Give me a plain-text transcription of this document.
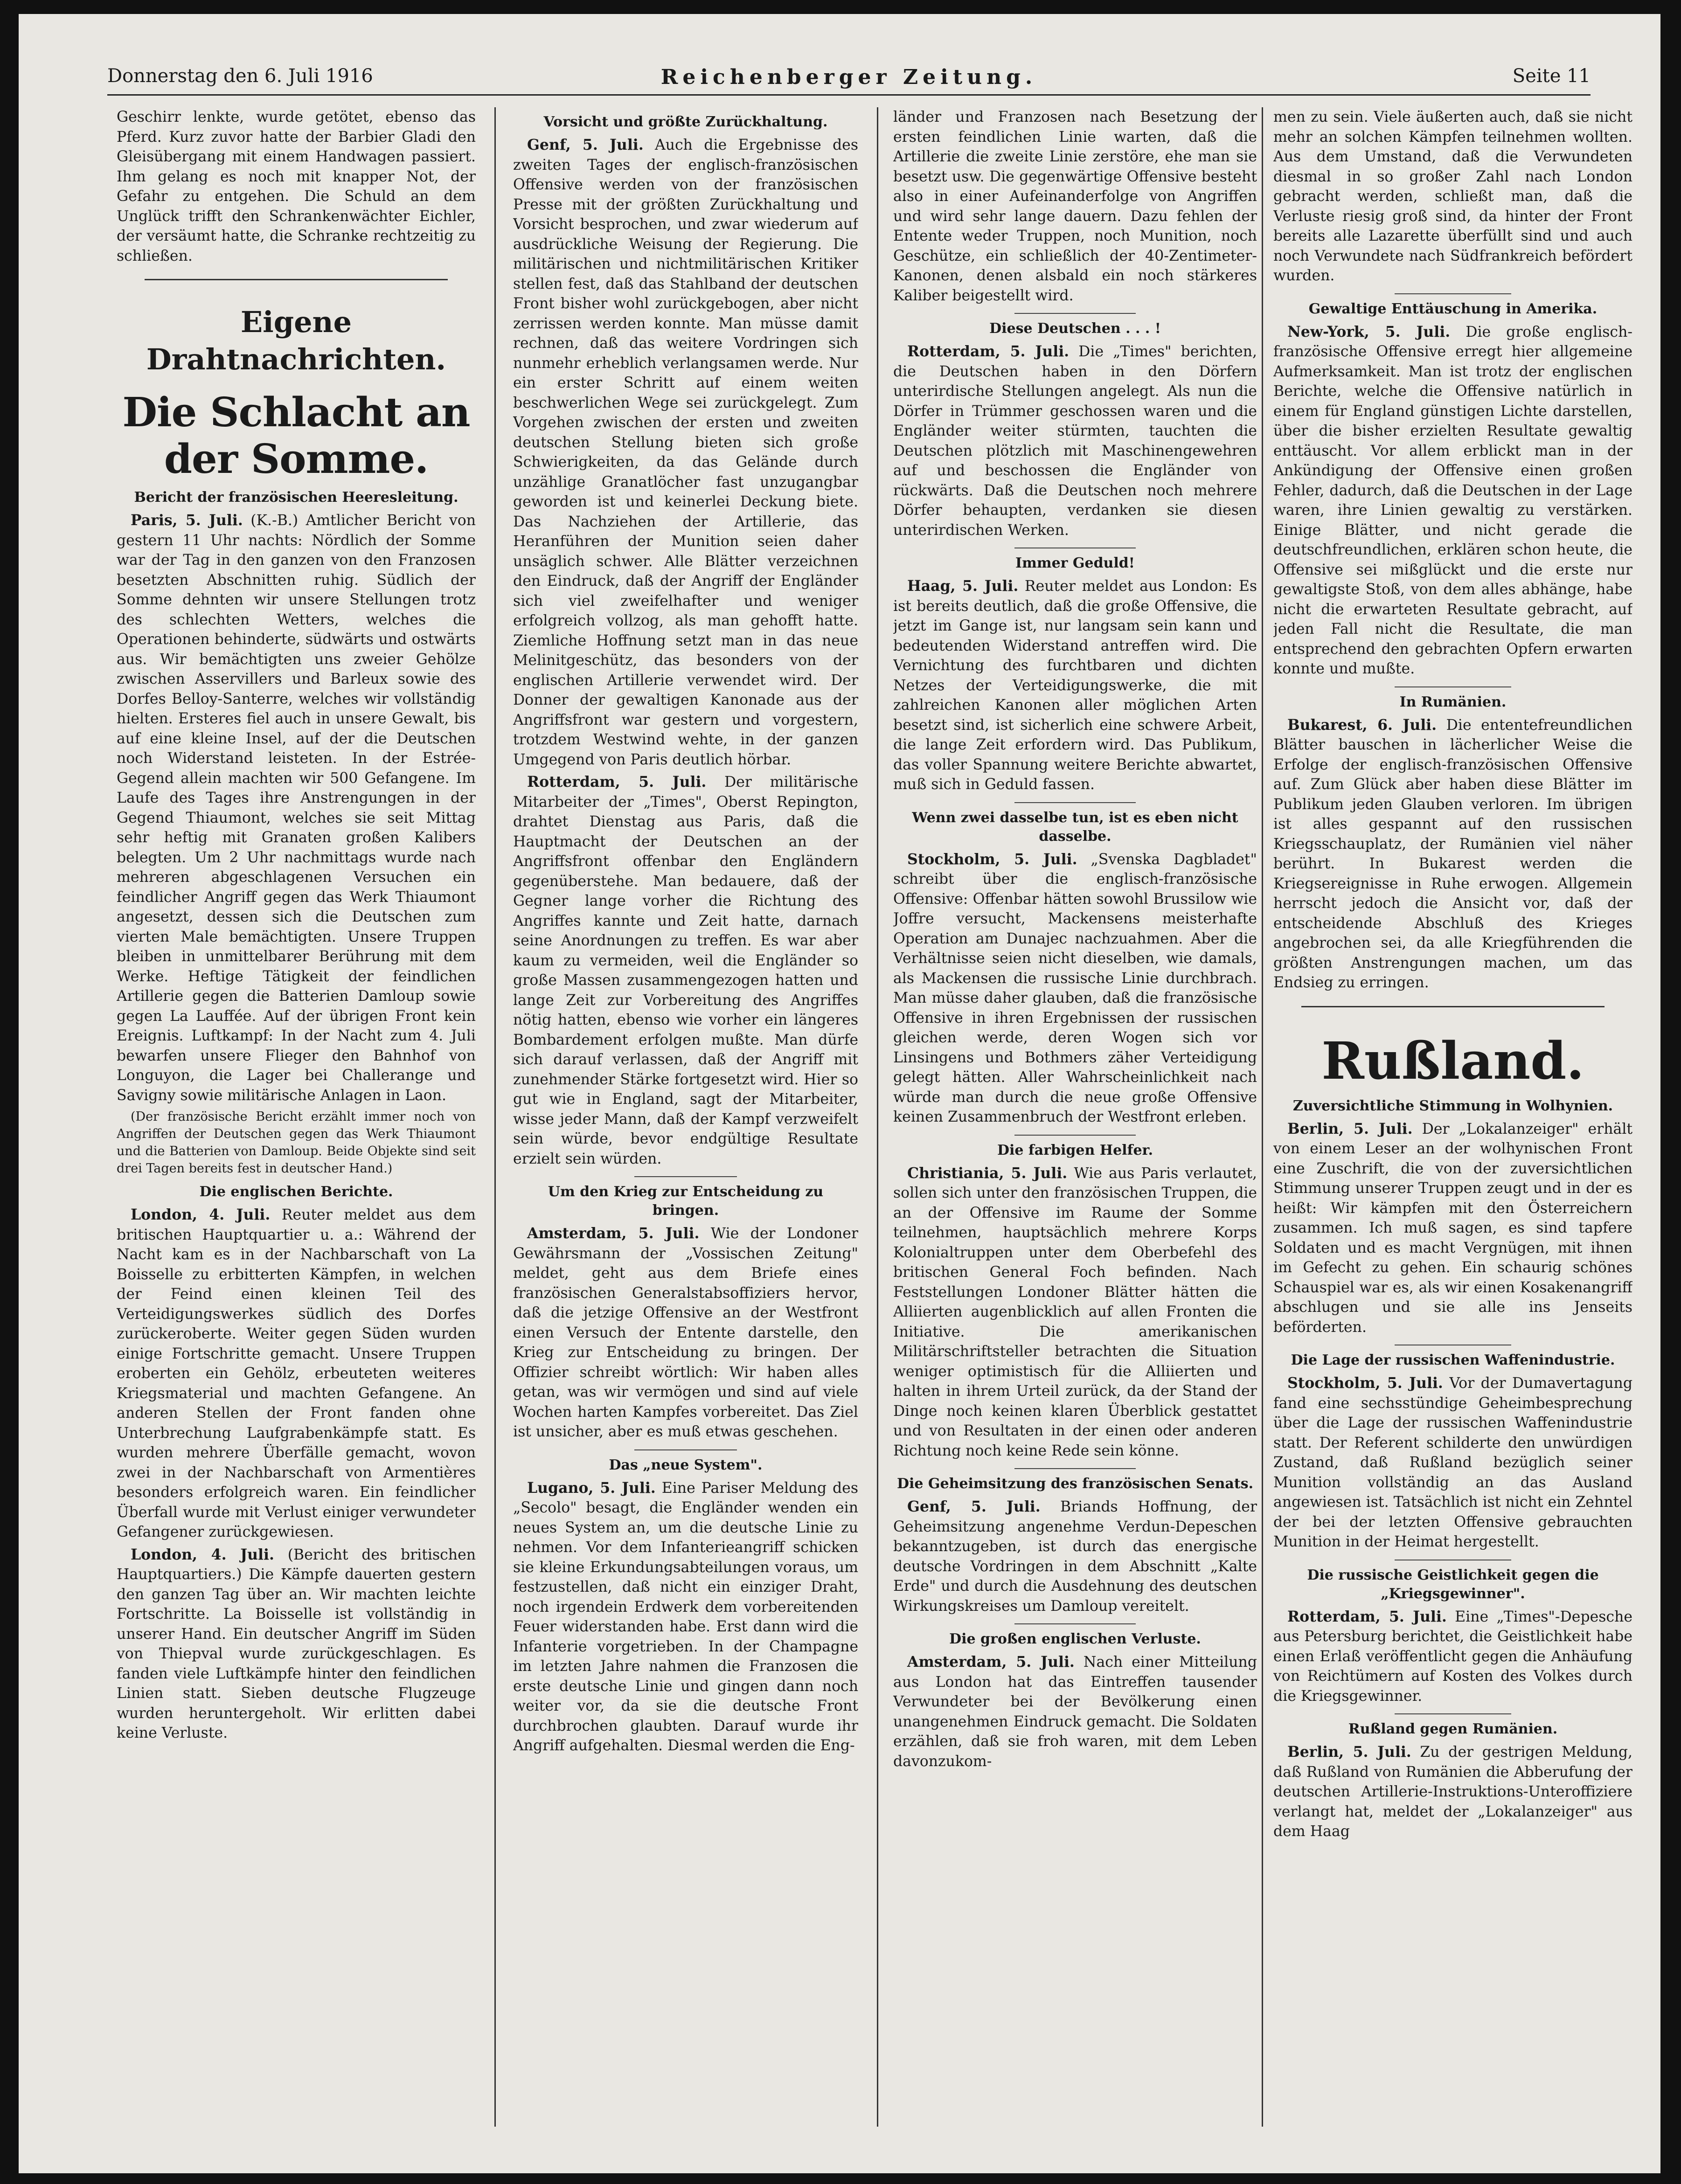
Donnerstag den 6. Juli 1916	Reichenberger Zeitung.	Seite 11

Geschirr lenkte, wurde getötet, ebenso das Pferd. Kurz zuvor hatte der Barbier Gladi den Gleisübergang mit einem Handwagen passiert. Ihm gelang es noch mit knapper Not, der Gefahr zu entgehen. Die Schuld an dem Unglück trifft den Schrankenwächter Eichler, der versäumt hatte, die Schranke rechtzeitig zu schließen.

Eigene Drahtnachrichten.
Die Schlacht an der Somme.
Bericht der französischen Heeresleitung.

Paris, 5. Juli. (K.-B.) Amtlicher Bericht von gestern 11 Uhr nachts: Nördlich der Somme war der Tag in den ganzen von den Franzosen besetzten Abschnitten ruhig. Südlich der Somme dehnten wir unsere Stellungen trotz des schlechten Wetters, welches die Operationen behinderte, südwärts und ostwärts aus. Wir bemächtigten uns zweier Gehölze zwischen Asservillers und Barleux sowie des Dorfes Belloy-Santerre, welches wir vollständig hielten. Ersteres fiel auch in unsere Gewalt, bis auf eine kleine Insel, auf der die Deutschen noch Widerstand leisteten. In der Estrée-Gegend allein machten wir 500 Gefangene. Im Laufe des Tages ihre Anstrengungen in der Gegend Thiaumont, welches sie seit Mittag sehr heftig mit Granaten großen Kalibers belegten. Um 2 Uhr nachmittags wurde nach mehreren abgeschlagenen Versuchen ein feindlicher Angriff gegen das Werk Thiaumont angesetzt, dessen sich die Deutschen zum vierten Male bemächtigten. Unsere Truppen bleiben in unmittelbarer Berührung mit dem Werke. Heftige Tätigkeit der feindlichen Artillerie gegen die Batterien Damloup sowie gegen La Lauffée. Auf der übrigen Front kein Ereignis. Luftkampf: In der Nacht zum 4. Juli bewarfen unsere Flieger den Bahnhof von Longuyon, die Lager bei Challerange und Savigny sowie militärische Anlagen in Laon.

(Der französische Bericht erzählt immer noch von Angriffen der Deutschen gegen das Werk Thiaumont und die Batterien von Damloup. Beide Objekte sind seit drei Tagen bereits fest in deutscher Hand.)

Die englischen Berichte.

London, 4. Juli. Reuter meldet aus dem britischen Hauptquartier u. a.: Während der Nacht kam es in der Nachbarschaft von La Boisselle zu erbitterten Kämpfen, in welchen der Feind einen kleinen Teil des Verteidigungswerkes südlich des Dorfes zurückeroberte. Weiter gegen Süden wurden einige Fortschritte gemacht. Unsere Truppen eroberten ein Gehölz, erbeuteten weiteres Kriegsmaterial und machten Gefangene. An anderen Stellen der Front fanden ohne Unterbrechung Laufgrabenkämpfe statt. Es wurden mehrere Überfälle gemacht, wovon zwei in der Nachbarschaft von Armentières besonders erfolgreich waren. Ein feindlicher Überfall wurde mit Verlust einiger verwundeter Gefangener zurückgewiesen.

London, 4. Juli. (Bericht des britischen Hauptquartiers.) Die Kämpfe dauerten gestern den ganzen Tag über an. Wir machten leichte Fortschritte. La Boisselle ist vollständig in unserer Hand. Ein deutscher Angriff im Süden von Thiepval wurde zurückgeschlagen. Es fanden viele Luftkämpfe hinter den feindlichen Linien statt. Sieben deutsche Flugzeuge wurden heruntergeholt. Wir erlitten dabei keine Verluste.

Vorsicht und größte Zurückhaltung.

Genf, 5. Juli. Auch die Ergebnisse des zweiten Tages der englisch-französischen Offensive werden von der französischen Presse mit der größten Zurückhaltung und Vorsicht besprochen, und zwar wiederum auf ausdrückliche Weisung der Regierung. Die militärischen und nichtmilitärischen Kritiker stellen fest, daß das Stahlband der deutschen Front bisher wohl zurückgebogen, aber nicht zerrissen werden konnte. Man müsse damit rechnen, daß das weitere Vordringen sich nunmehr erheblich verlangsamen werde. Nur ein erster Schritt auf einem weiten beschwerlichen Wege sei zurückgelegt. Zum Vorgehen zwischen der ersten und zweiten deutschen Stellung bieten sich große Schwierigkeiten, da das Gelände durch unzählige Granatlöcher fast unzugangbar geworden ist und keinerlei Deckung biete. Das Nachziehen der Artillerie, das Heranführen der Munition seien daher unsäglich schwer. Alle Blätter verzeichnen den Eindruck, daß der Angriff der Engländer sich viel zweifelhafter und weniger erfolgreich vollzog, als man gehofft hatte. Ziemliche Hoffnung setzt man in das neue Melinitgeschütz, das besonders von der englischen Artillerie verwendet wird. Der Donner der gewaltigen Kanonade aus der Angriffsfront war gestern und vorgestern, trotzdem Westwind wehte, in der ganzen Umgegend von Paris deutlich hörbar.

Rotterdam, 5. Juli. Der militärische Mitarbeiter der „Times", Oberst Repington, drahtet Dienstag aus Paris, daß die Hauptmacht der Deutschen an der Angriffsfront offenbar den Engländern gegenüberstehe. Man bedauere, daß der Gegner lange vorher die Richtung des Angriffes kannte und Zeit hatte, darnach seine Anordnungen zu treffen. Es war aber kaum zu vermeiden, weil die Engländer so große Massen zusammengezogen hatten und lange Zeit zur Vorbereitung des Angriffes nötig hatten, ebenso wie vorher ein längeres Bombardement erfolgen mußte. Man dürfe sich darauf verlassen, daß der Angriff mit zunehmender Stärke fortgesetzt wird. Hier so gut wie in England, sagt der Mitarbeiter, wisse jeder Mann, daß der Kampf verzweifelt sein würde, bevor endgültige Resultate erzielt sein würden.

Um den Krieg zur Entscheidung zu bringen.

Amsterdam, 5. Juli. Wie der Londoner Gewährsmann der „Vossischen Zeitung" meldet, geht aus dem Briefe eines französischen Generalstabsoffiziers hervor, daß die jetzige Offensive an der Westfront einen Versuch der Entente darstelle, den Krieg zur Entscheidung zu bringen. Der Offizier schreibt wörtlich: Wir haben alles getan, was wir vermögen und sind auf viele Wochen harten Kampfes vorbereitet. Das Ziel ist unsicher, aber es muß etwas geschehen.

Das „neue System".

Lugano, 5. Juli. Eine Pariser Meldung des „Secolo" besagt, die Engländer wenden ein neues System an, um die deutsche Linie zu nehmen. Vor dem Infanterieangriff schicken sie kleine Erkundungsabteilungen voraus, um festzustellen, daß nicht ein einziger Draht, noch irgendein Erdwerk dem vorbereitenden Feuer widerstanden habe. Erst dann wird die Infanterie vorgetrieben. In der Champagne im letzten Jahre nahmen die Franzosen die erste deutsche Linie und gingen dann noch weiter vor, da sie die deutsche Front durchbrochen glaubten. Darauf wurde ihr Angriff aufgehalten. Diesmal werden die Eng-

länder und Franzosen nach Besetzung der ersten feindlichen Linie warten, daß die Artillerie die zweite Linie zerstöre, ehe man sie besetzt usw. Die gegenwärtige Offensive besteht also in einer Aufeinanderfolge von Angriffen und wird sehr lange dauern. Dazu fehlen der Entente weder Truppen, noch Munition, noch Geschütze, ein schließlich der 40-Zentimeter-Kanonen, denen alsbald ein noch stärkeres Kaliber beigestellt wird.

Diese Deutschen . . . !

Rotterdam, 5. Juli. Die „Times" berichten, die Deutschen haben in den Dörfern unterirdische Stellungen angelegt. Als nun die Dörfer in Trümmer geschossen waren und die Engländer weiter stürmten, tauchten die Deutschen plötzlich mit Maschinengewehren auf und beschossen die Engländer von rückwärts. Daß die Deutschen noch mehrere Dörfer behaupten, verdanken sie diesen unterirdischen Werken.

Immer Geduld!

Haag, 5. Juli. Reuter meldet aus London: Es ist bereits deutlich, daß die große Offensive, die jetzt im Gange ist, nur langsam sein kann und bedeutenden Widerstand antreffen wird. Die Vernichtung des furchtbaren und dichten Netzes der Verteidigungswerke, die mit zahlreichen Kanonen aller möglichen Arten besetzt sind, ist sicherlich eine schwere Arbeit, die lange Zeit erfordern wird. Das Publikum, das voller Spannung weitere Berichte abwartet, muß sich in Geduld fassen.

Wenn zwei dasselbe tun, ist es eben nicht dasselbe.

Stockholm, 5. Juli. „Svenska Dagbladet" schreibt über die englisch-französische Offensive: Offenbar hätten sowohl Brussilow wie Joffre versucht, Mackensens meisterhafte Operation am Dunajec nachzuahmen. Aber die Verhältnisse seien nicht dieselben, wie damals, als Mackensen die russische Linie durchbrach. Man müsse daher glauben, daß die französische Offensive in ihren Ergebnissen der russischen gleichen werde, deren Wogen sich vor Linsingens und Bothmers zäher Verteidigung gelegt hätten. Aller Wahrscheinlichkeit nach würde man durch die neue große Offensive keinen Zusammenbruch der Westfront erleben.

Die farbigen Helfer.

Christiania, 5. Juli. Wie aus Paris verlautet, sollen sich unter den französischen Truppen, die an der Offensive im Raume der Somme teilnehmen, hauptsächlich mehrere Korps Kolonialtruppen unter dem Oberbefehl des britischen General Foch befinden. Nach Feststellungen Londoner Blätter hätten die Alliierten augenblicklich auf allen Fronten die Initiative. Die amerikanischen Militärschriftsteller betrachten die Situation weniger optimistisch für die Alliierten und halten in ihrem Urteil zurück, da der Stand der Dinge noch keinen klaren Überblick gestattet und von Resultaten in der einen oder anderen Richtung noch keine Rede sein könne.

Die Geheimsitzung des französischen Senats.

Genf, 5. Juli. Briands Hoffnung, der Geheimsitzung angenehme Verdun-Depeschen bekanntzugeben, ist durch das energische deutsche Vordringen in dem Abschnitt „Kalte Erde" und durch die Ausdehnung des deutschen Wirkungskreises um Damloup vereitelt.

Die großen englischen Verluste.

Amsterdam, 5. Juli. Nach einer Mitteilung aus London hat das Eintreffen tausender Verwundeter bei der Bevölkerung einen unangenehmen Eindruck gemacht. Die Soldaten erzählen, daß sie froh waren, mit dem Leben davonzukom-

men zu sein. Viele äußerten auch, daß sie nicht mehr an solchen Kämpfen teilnehmen wollten. Aus dem Umstand, daß die Verwundeten diesmal in so großer Zahl nach London gebracht werden, schließt man, daß die Verluste riesig groß sind, da hinter der Front bereits alle Lazarette überfüllt sind und auch noch Verwundete nach Südfrankreich befördert wurden.

Gewaltige Enttäuschung in Amerika.

New-York, 5. Juli. Die große englisch-französische Offensive erregt hier allgemeine Aufmerksamkeit. Man ist trotz der englischen Berichte, welche die Offensive natürlich in einem für England günstigen Lichte darstellen, über die bisher erzielten Resultate gewaltig enttäuscht. Vor allem erblickt man in der Ankündigung der Offensive einen großen Fehler, dadurch, daß die Deutschen in der Lage waren, ihre Linien gewaltig zu verstärken. Einige Blätter, und nicht gerade die deutschfreundlichen, erklären schon heute, die Offensive sei mißglückt und die erste nur gewaltigste Stoß, von dem alles abhänge, habe nicht die erwarteten Resultate gebracht, auf jeden Fall nicht die Resultate, die man entsprechend den gebrachten Opfern erwarten konnte und mußte.

In Rumänien.

Bukarest, 6. Juli. Die ententefreundlichen Blätter bauschen in lächerlicher Weise die Erfolge der englisch-französischen Offensive auf. Zum Glück aber haben diese Blätter im Publikum jeden Glauben verloren. Im übrigen ist alles gespannt auf den russischen Kriegsschauplatz, der Rumänien viel näher berührt. In Bukarest werden die Kriegsereignisse in Ruhe erwogen. Allgemein herrscht jedoch die Ansicht vor, daß der entscheidende Abschluß des Krieges angebrochen sei, da alle Kriegführenden die größten Anstrengungen machen, um das Endsieg zu erringen.

Rußland.
Zuversichtliche Stimmung in Wolhynien.

Berlin, 5. Juli. Der „Lokalanzeiger" erhält von einem Leser an der wolhynischen Front eine Zuschrift, die von der zuversichtlichen Stimmung unserer Truppen zeugt und in der es heißt: Wir kämpfen mit den Österreichern zusammen. Ich muß sagen, es sind tapfere Soldaten und es macht Vergnügen, mit ihnen im Gefecht zu gehen. Ein schaurig schönes Schauspiel war es, als wir einen Kosakenangriff abschlugen und sie alle ins Jenseits beförderten.

Die Lage der russischen Waffenindustrie.

Stockholm, 5. Juli. Vor der Dumavertagung fand eine sechsstündige Geheimbesprechung über die Lage der russischen Waffenindustrie statt. Der Referent schilderte den unwürdigen Zustand, daß Rußland bezüglich seiner Munition vollständig an das Ausland angewiesen ist. Tatsächlich ist nicht ein Zehntel der bei der letzten Offensive gebrauchten Munition in der Heimat hergestellt.

Die russische Geistlichkeit gegen die „Kriegsgewinner".

Rotterdam, 5. Juli. Eine „Times"-Depesche aus Petersburg berichtet, die Geistlichkeit habe einen Erlaß veröffentlicht gegen die Anhäufung von Reichtümern auf Kosten des Volkes durch die Kriegsgewinner.

Rußland gegen Rumänien.

Berlin, 5. Juli. Zu der gestrigen Meldung, daß Rußland von Rumänien die Abberufung der deutschen Artillerie-Instruktions-Unteroffiziere verlangt hat, meldet der „Lokalanzeiger" aus dem Haag
